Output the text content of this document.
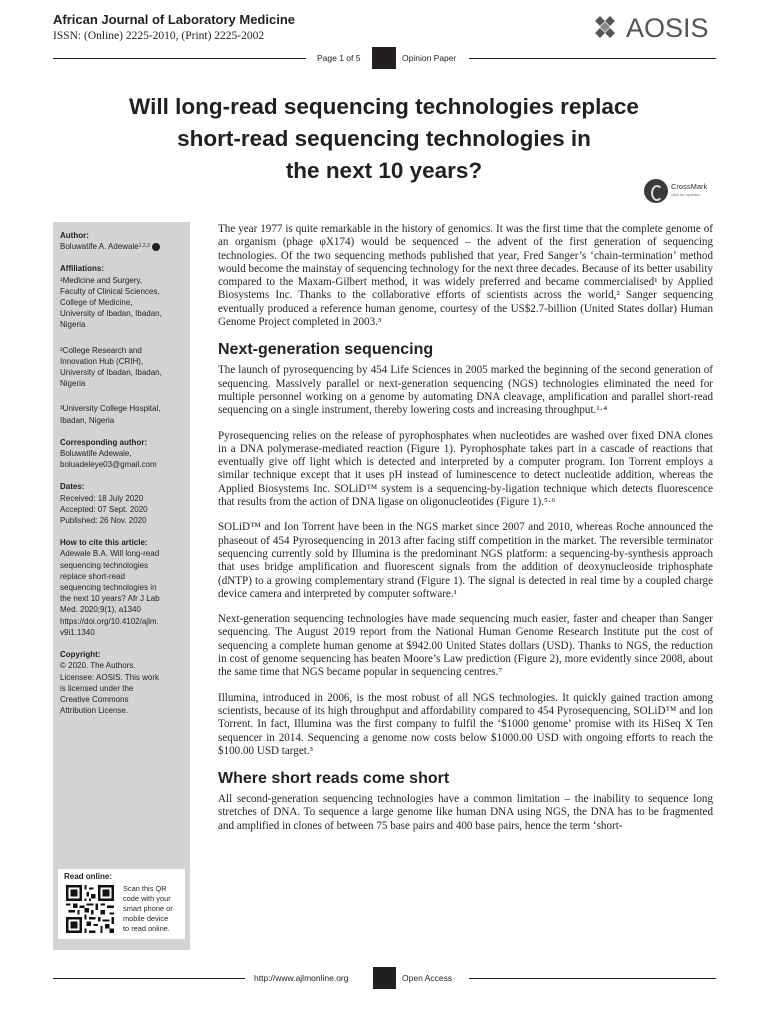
African Journal of Laboratory Medicine
ISSN: (Online) 2225-2010, (Print) 2225-2002	AOSIS
Page 1 of 5	Opinion Paper
Will long-read sequencing technologies replace
short-read sequencing technologies in
the next 10 years?
CrossMark
click for updates

Author:

Boluwatife A. Adewale 1,2,3

Affiliations:

¹Medicine and Surgery,

Faculty of Clinical Sciences,

College of Medicine,

University of Ibadan, Ibadan,

Nigeria

²College Research and

Innovation Hub (CRIH),

University of Ibadan, Ibadan,

Nigeria

³University College Hospital,

Ibadan, Nigeria

Corresponding author:

Boluwatife Adewale,

boluadeleye03@gmail.com

Dates:

Received: 18 July 2020

Accepted: 07 Sept. 2020

Published: 26 Nov. 2020

How to cite this article:

Adewale B.A. Will long-read

sequencing technologies

replace short-read

sequencing technologies in

the next 10 years? Afr J Lab

Med. 2020;9(1), a1340

https://doi.org/10.4102/ajlm.

v9i1.1340

Copyright:

© 2020. The Authors.

Licensee: AOSIS. This work

is licensed under the

Creative Commons

Attribution License.

Read online:
Scan this QR
code with your
smart phone or
mobile device
to read online.

The year 1977 is quite remarkable in the history of genomics. It was the first time that the complete genome of an organism (phage φX174) would be sequenced – the advent of the first generation of sequencing technologies. Of the two sequencing methods published that year, Fred Sanger’s ‘chain-termination’ method would become the mainstay of sequencing technology for the next three decades. Because of its better usability compared to the Maxam-Gilbert method, it was widely preferred and became commercialised¹ by Applied Biosystems Inc. Thanks to the collaborative efforts of scientists across the world,² Sanger sequencing eventually produced a reference human genome, courtesy of the US$2.7-billion (United States dollar) Human Genome Project completed in 2003.³

Next-generation sequencing

The launch of pyrosequencing by 454 Life Sciences in 2005 marked the beginning of the second generation of sequencing. Massively parallel or next-generation sequencing (NGS) technologies eliminated the need for multiple personnel working on a genome by automating DNA cleavage, amplification and parallel short-read sequencing on a single instrument, thereby lowering costs and increasing throughput.¹·⁴

Pyrosequencing relies on the release of pyrophosphates when nucleotides are washed over fixed DNA clones in a DNA polymerase-mediated reaction (Figure 1). Pyrophosphate takes part in a cascade of reactions that eventually give off light which is detected and interpreted by a computer program. Ion Torrent employs a similar technique except that it uses pH instead of luminescence to detect nucleotide addition, whereas the Applied Biosystems Inc. SOLiD™ system is a sequencing-by-ligation technique which detects fluorescence that results from the action of DNA ligase on oligonucleotides (Figure 1).⁵·⁶

SOLiD™ and Ion Torrent have been in the NGS market since 2007 and 2010, whereas Roche announced the phaseout of 454 Pyrosequencing in 2013 after facing stiff competition in the market. The reversible terminator sequencing currently sold by Illumina is the predominant NGS platform: a sequencing-by-synthesis approach that uses bridge amplification and fluorescent signals from the addition of deoxynucleoside triphosphate (dNTP) to a growing complementary strand (Figure 1). The signal is detected in real time by a coupled charge device camera and interpreted by computer software.¹

Next-generation sequencing technologies have made sequencing much easier, faster and cheaper than Sanger sequencing. The August 2019 report from the National Human Genome Research Institute put the cost of sequencing a complete human genome at $942.00 United States dollars (USD). Thanks to NGS, the reduction in cost of genome sequencing has beaten Moore’s Law prediction (Figure 2), more evidently since 2008, about the same time that NGS became popular in sequencing centres.⁷

Illumina, introduced in 2006, is the most robust of all NGS technologies. It quickly gained traction among scientists, because of its high throughput and affordability compared to 454 Pyrosequencing, SOLiD™ and Ion Torrent. In fact, Illumina was the first company to fulfil the ‘$1000 genome’ promise with its HiSeq X Ten sequencer in 2014. Sequencing a genome now costs below $1000.00 USD with ongoing efforts to reach the $100.00 USD target.³

Where short reads come short

All second-generation sequencing technologies have a common limitation – the inability to sequence long stretches of DNA. To sequence a large genome like human DNA using NGS, the DNA has to be fragmented and amplified in clones of between 75 base pairs and 400 base pairs, hence the term ‘short-

http://www.ajlmonline.org	Open Access
